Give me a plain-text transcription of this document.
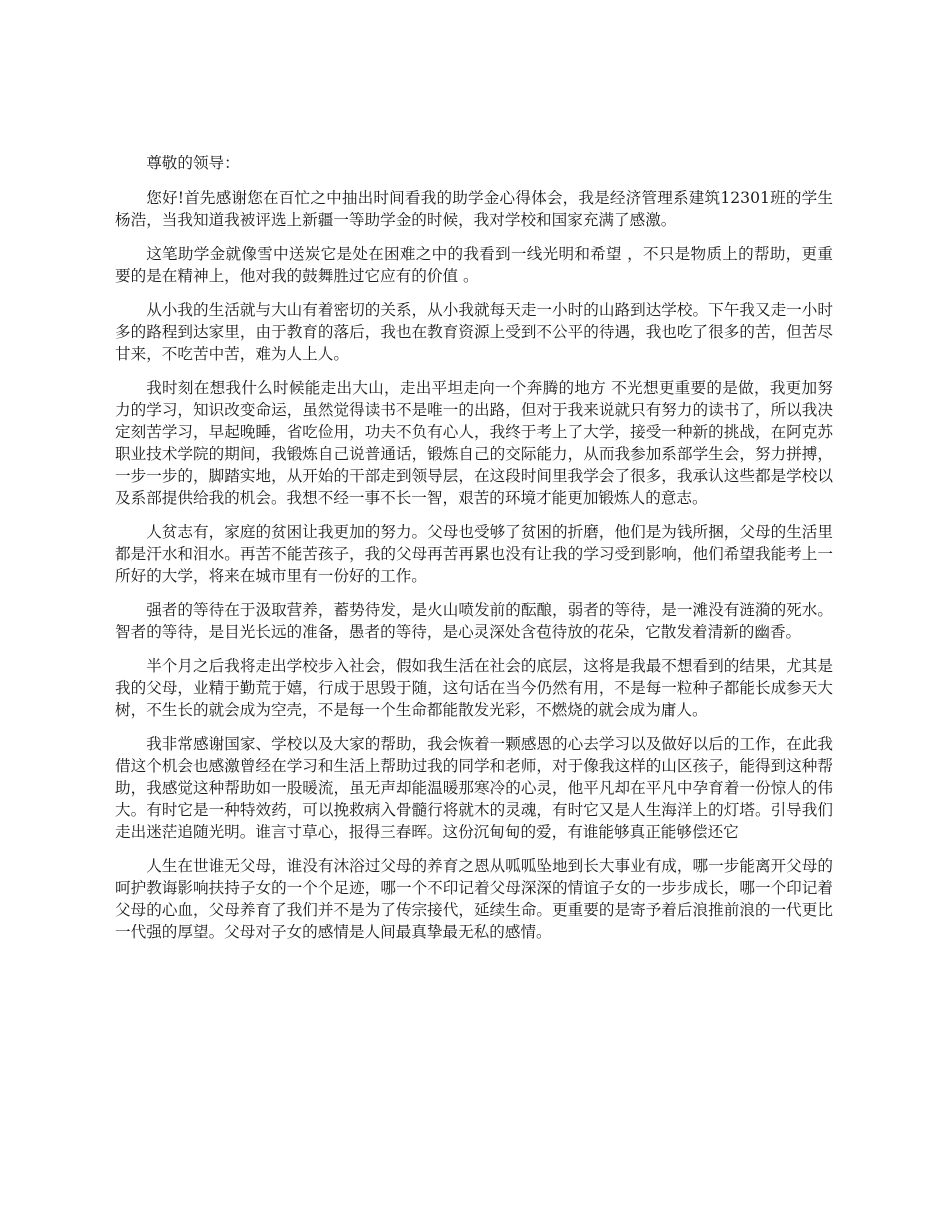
尊敬的领导：

您好!首先感谢您在百忙之中抽出时间看我的助学金心得体会，我是经济管理系建筑12301班的学生杨浩，当我知道我被评选上新疆一等助学金的时候，我对学校和国家充满了感激。

这笔助学金就像雪中送炭它是处在困难之中的我看到一线光明和希望 ，不只是物质上的帮助，更重要的是在精神上，他对我的鼓舞胜过它应有的价值 。

从小我的生活就与大山有着密切的关系，从小我就每天走一小时的山路到达学校。下午我又走一小时多的路程到达家里，由于教育的落后，我也在教育资源上受到不公平的待遇，我也吃了很多的苦，但苦尽甘来，不吃苦中苦，难为人上人。

我时刻在想我什么时候能走出大山，走出平坦走向一个奔腾的地方 不光想更重要的是做，我更加努力的学习，知识改变命运，虽然觉得读书不是唯一的出路，但对于我来说就只有努力的读书了，所以我决定刻苦学习，早起晚睡，省吃俭用，功夫不负有心人，我终于考上了大学，接受一种新的挑战，在阿克苏职业技术学院的期间，我锻炼自己说普通话，锻炼自己的交际能力，从而我参加系部学生会，努力拼搏，一步一步的，脚踏实地，从开始的干部走到领导层，在这段时间里我学会了很多，我承认这些都是学校以及系部提供给我的机会。我想不经一事不长一智，艰苦的环境才能更加锻炼人的意志。

人贫志有，家庭的贫困让我更加的努力。父母也受够了贫困的折磨，他们是为钱所捆，父母的生活里都是汗水和泪水。再苦不能苦孩子，我的父母再苦再累也没有让我的学习受到影响，他们希望我能考上一所好的大学，将来在城市里有一份好的工作。

强者的等待在于汲取营养，蓄势待发，是火山喷发前的酝酿，弱者的等待，是一滩没有涟漪的死水。智者的等待，是目光长远的准备，愚者的等待，是心灵深处含苞待放的花朵，它散发着清新的幽香。

半个月之后我将走出学校步入社会，假如我生活在社会的底层，这将是我最不想看到的结果，尤其是我的父母，业精于勤荒于嬉，行成于思毁于随，这句话在当今仍然有用，不是每一粒种子都能长成参天大树，不生长的就会成为空壳，不是每一个生命都能散发光彩，不燃烧的就会成为庸人。

我非常感谢国家、学校以及大家的帮助，我会恢着一颗感恩的心去学习以及做好以后的工作，在此我借这个机会也感激曾经在学习和生活上帮助过我的同学和老师，对于像我这样的山区孩子，能得到这种帮助，我感觉这种帮助如一股暖流，虽无声却能温暖那寒冷的心灵，他平凡却在平凡中孕育着一份惊人的伟大。有时它是一种特效药，可以挽救病入骨髓行将就木的灵魂，有时它又是人生海洋上的灯塔。引导我们走出迷茫追随光明。谁言寸草心，报得三春晖。这份沉甸甸的爱，有谁能够真正能够偿还它

人生在世谁无父母，谁没有沐浴过父母的养育之恩从呱呱坠地到长大事业有成，哪一步能离开父母的呵护教诲影响扶持子女的一个个足迹，哪一个不印记着父母深深的情谊子女的一步步成长，哪一个印记着父母的心血，父母养育了我们并不是为了传宗接代，延续生命。更重要的是寄予着后浪推前浪的一代更比一代强的厚望。父母对子女的感情是人间最真挚最无私的感情。
